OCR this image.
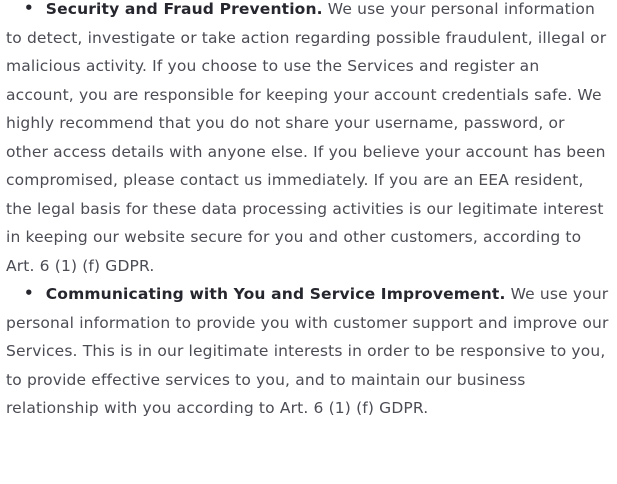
• Security and Fraud Prevention. We use your personal information to detect, investigate or take action regarding possible fraudulent, illegal or malicious activity. If you choose to use the Services and register an account, you are responsible for keeping your account credentials safe. We highly recommend that you do not share your username, password, or other access details with anyone else. If you believe your account has been compromised, please contact us immediately. If you are an EEA resident, the legal basis for these data processing activities is our legitimate interest in keeping our website secure for you and other customers, according to Art. 6 (1) (f) GDPR.

• Communicating with You and Service Improvement. We use your personal information to provide you with customer support and improve our Services. This is in our legitimate interests in order to be responsive to you, to provide effective services to you, and to maintain our business relationship with you according to Art. 6 (1) (f) GDPR.
